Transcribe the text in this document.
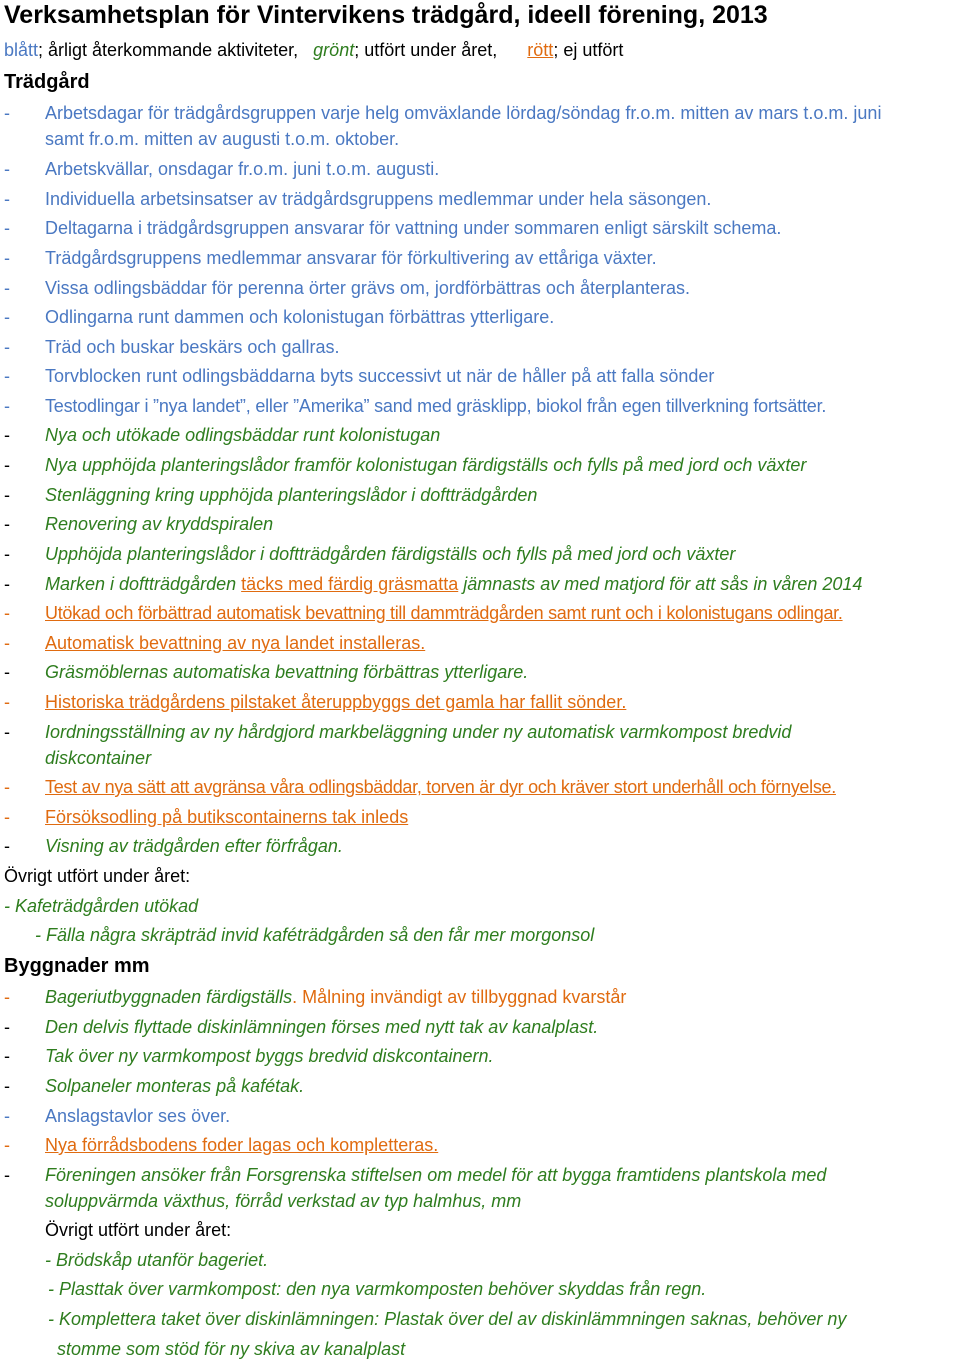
Verksamhetsplan för Vintervikens trädgård, ideell förening, 2013
blått; årligt återkommande aktiviteter, grönt; utfört under året, rött; ej utfört
Trädgård
- Arbetsdagar för trädgårdsgruppen varje helg omväxlande lördag/söndag fr.o.m. mitten av mars t.o.m. juni
samt fr.o.m. mitten av augusti t.o.m. oktober.
- Arbetskvällar, onsdagar fr.o.m. juni t.o.m. augusti.
- Individuella arbetsinsatser av trädgårdsgruppens medlemmar under hela säsongen.
- Deltagarna i trädgårdsgruppen ansvarar för vattning under sommaren enligt särskilt schema.
- Trädgårdsgruppens medlemmar ansvarar för förkultivering av ettåriga växter.
- Vissa odlingsbäddar för perenna örter grävs om, jordförbättras och återplanteras.
- Odlingarna runt dammen och kolonistugan förbättras ytterligare.
- Träd och buskar beskärs och gallras.
- Torvblocken runt odlingsbäddarna byts successivt ut när de håller på att falla sönder
- Testodlingar i ”nya landet”, eller ”Amerika” sand med gräsklipp, biokol från egen tillverkning fortsätter.
- Nya och utökade odlingsbäddar runt kolonistugan
- Nya upphöjda planteringslådor framför kolonistugan färdigställs och fylls på med jord och växter
- Stenläggning kring upphöjda planteringslådor i doftträdgården
- Renovering av kryddspiralen
- Upphöjda planteringslådor i doftträdgården färdigställs och fylls på med jord och växter
- Marken i doftträdgården täcks med färdig gräsmatta jämnasts av med matjord för att sås in våren 2014
- Utökad och förbättrad automatisk bevattning till dammträdgården samt runt och i kolonistugans odlingar.
- Automatisk bevattning av nya landet installeras.
- Gräsmöblernas automatiska bevattning förbättras ytterligare.
- Historiska trädgårdens pilstaket återuppbyggs det gamla har fallit sönder.
- Iordningsställning av ny hårdgjord markbeläggning under ny automatisk varmkompost bredvid
diskcontainer
- Test av nya sätt att avgränsa våra odlingsbäddar, torven är dyr och kräver stort underhåll och förnyelse.
- Försöksodling på butikscontainerns tak inleds
- Visning av trädgården efter förfrågan.
Övrigt utfört under året:
- Kafeträdgården utökad
- Fälla några skräpträd invid kaféträdgården så den får mer morgonsol
Byggnader mm
- Bageriutbyggnaden färdigställs. Målning invändigt av tillbyggnad kvarstår
- Den delvis flyttade diskinlämningen förses med nytt tak av kanalplast.
- Tak över ny varmkompost byggs bredvid diskcontainern.
- Solpaneler monteras på kafétak.
- Anslagstavlor ses över.
- Nya förrådsbodens foder lagas och kompletteras.
- Föreningen ansöker från Forsgrenska stiftelsen om medel för att bygga framtidens plantskola med
soluppvärmda växthus, förråd verkstad av typ halmhus, mm
Övrigt utfört under året:
- Brödskåp utanför bageriet.
- Plasttak över varmkompost: den nya varmkomposten behöver skyddas från regn.
- Komplettera taket över diskinlämningen: Plastak över del av diskinlämmningen saknas, behöver ny
stomme som stöd för ny skiva av kanalplast
